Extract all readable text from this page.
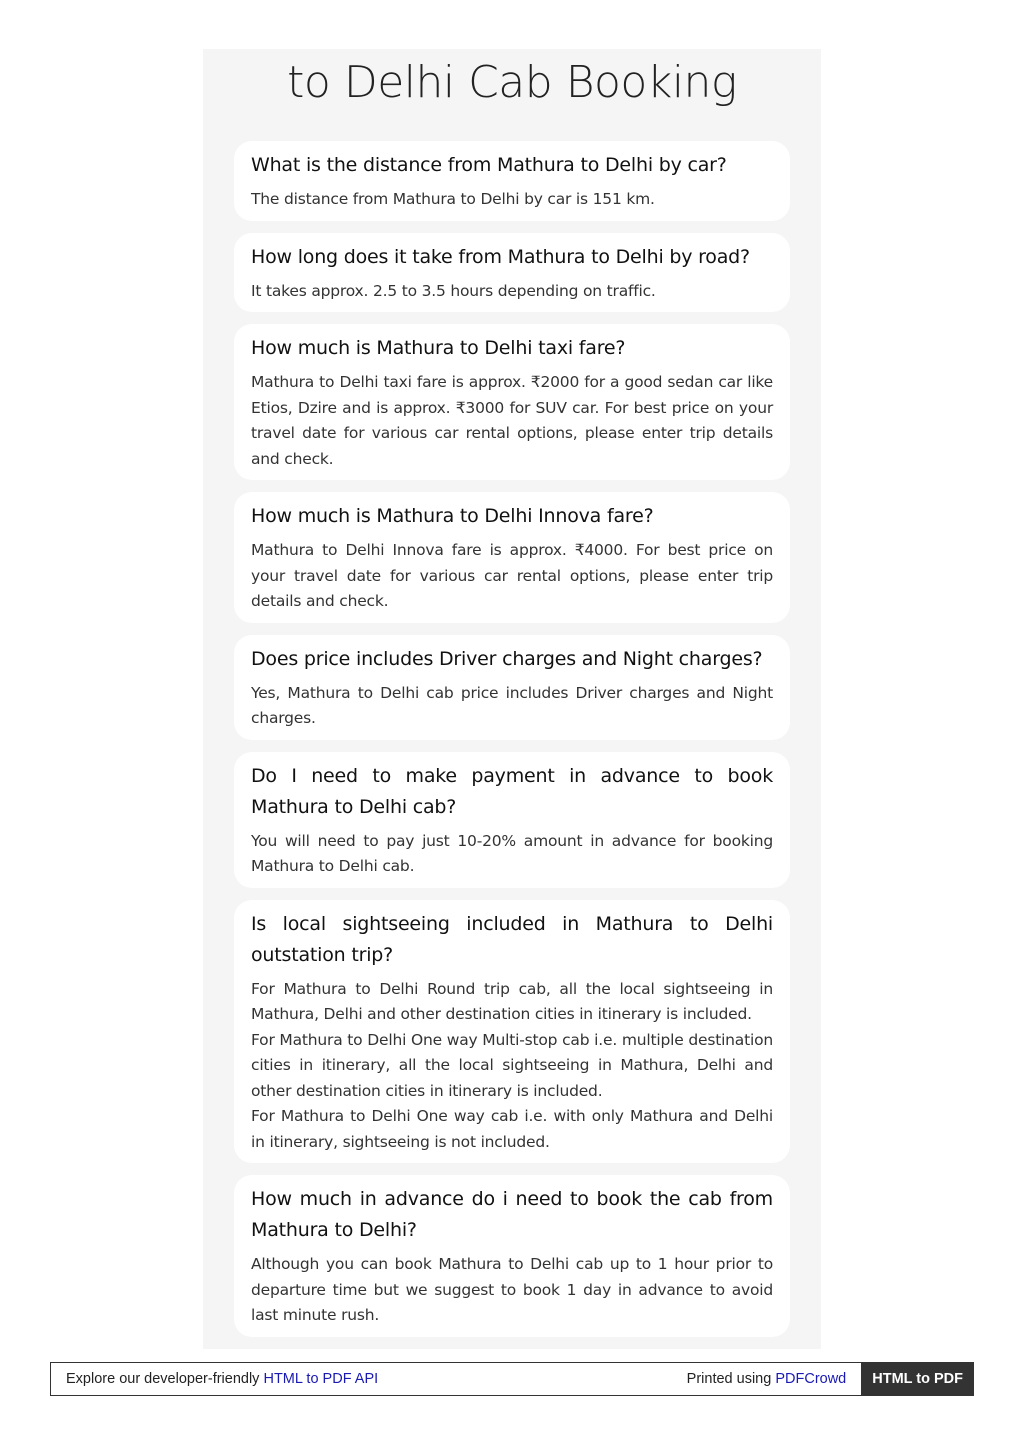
to Delhi Cab Booking
What is the distance from Mathura to Delhi by car?

The distance from Mathura to Delhi by car is 151 km.

How long does it take from Mathura to Delhi by road?

It takes approx. 2.5 to 3.5 hours depending on traffic.

How much is Mathura to Delhi taxi fare?

Mathura to Delhi taxi fare is approx. ₹2000 for a good sedan car like Etios, Dzire and is approx. ₹3000 for SUV car. For best price on your travel date for various car rental options, please enter trip details and check.

How much is Mathura to Delhi Innova fare?

Mathura to Delhi Innova fare is approx. ₹4000. For best price on your travel date for various car rental options, please enter trip details and check.

Does price includes Driver charges and Night charges?

Yes, Mathura to Delhi cab price includes Driver charges and Night charges.

Do I need to make payment in advance to book Mathura to Delhi cab?

You will need to pay just 10-20% amount in advance for booking Mathura to Delhi cab.

Is local sightseeing included in Mathura to Delhi outstation trip?

For Mathura to Delhi Round trip cab, all the local sightseeing in Mathura, Delhi and other destination cities in itinerary is included.

For Mathura to Delhi One way Multi-stop cab i.e. multiple destination cities in itinerary, all the local sightseeing in Mathura, Delhi and other destination cities in itinerary is included.

For Mathura to Delhi One way cab i.e. with only Mathura and Delhi in itinerary, sightseeing is not included.

How much in advance do i need to book the cab from Mathura to Delhi?

Although you can book Mathura to Delhi cab up to 1 hour prior to departure time but we suggest to book 1 day in advance to avoid last minute rush.

Explore our developer-friendly HTML to PDF API	Printed using PDFCrowd	HTML to PDF
